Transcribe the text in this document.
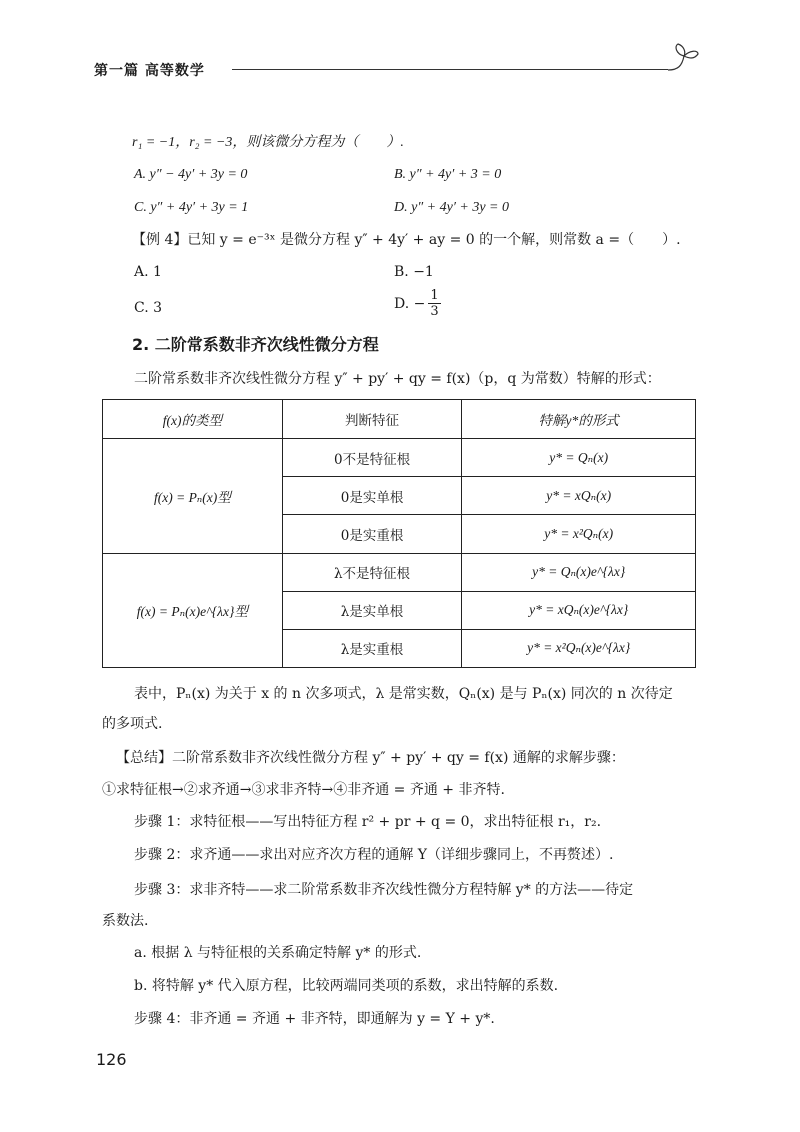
第一篇 高等数学
r₁ = −1，r₂ = −3，则该微分方程为（　　）.
A. y″ − 4y′ + 3y = 0	B. y″ + 4y′ + 3 = 0
C. y″ + 4y′ + 3y = 1	D. y″ + 4y′ + 3y = 0
【例 4】已知 y = e⁻³ˣ 是微分方程 y″ + 4y′ + ay = 0 的一个解，则常数 a =（　　）.
A. 1	B. −1
C. 3	D. − $\frac{1}{3}$
2. 二阶常系数非齐次线性微分方程
二阶常系数非齐次线性微分方程 y″ + py′ + qy = f(x)（p，q 为常数）特解的形式：
f(x)的类型	判断特征	特解y*的形式
f(x) = Pₙ(x)型	0不是特征根	y* = Qₙ(x)
	0是实单根	y* = xQₙ(x)
	0是实重根	y* = x²Qₙ(x)
f(x) = Pₙ(x)e^{λx}型	λ不是特征根	y* = Qₙ(x)e^{λx}
	λ是实单根	y* = xQₙ(x)e^{λx}
	λ是实重根	y* = x²Qₙ(x)e^{λx}
表中，Pₙ(x) 为关于 x 的 n 次多项式，λ 是常实数，Qₙ(x) 是与 Pₙ(x) 同次的 n 次待定
的多项式.
【总结】二阶常系数非齐次线性微分方程 y″ + py′ + qy = f(x) 通解的求解步骤：
①求特征根→②求齐通→③求非齐特→④非齐通 = 齐通 + 非齐特.
步骤 1：求特征根——写出特征方程 r² + pr + q = 0，求出特征根 r₁，r₂.
步骤 2：求齐通——求出对应齐次方程的通解 Y（详细步骤同上，不再赘述）.
步骤 3：求非齐特——求二阶常系数非齐次线性微分方程特解 y* 的方法——待定
系数法.
a. 根据 λ 与特征根的关系确定特解 y* 的形式.
b. 将特解 y* 代入原方程，比较两端同类项的系数，求出特解的系数.
步骤 4：非齐通 = 齐通 + 非齐特，即通解为 y = Y + y*.
126
